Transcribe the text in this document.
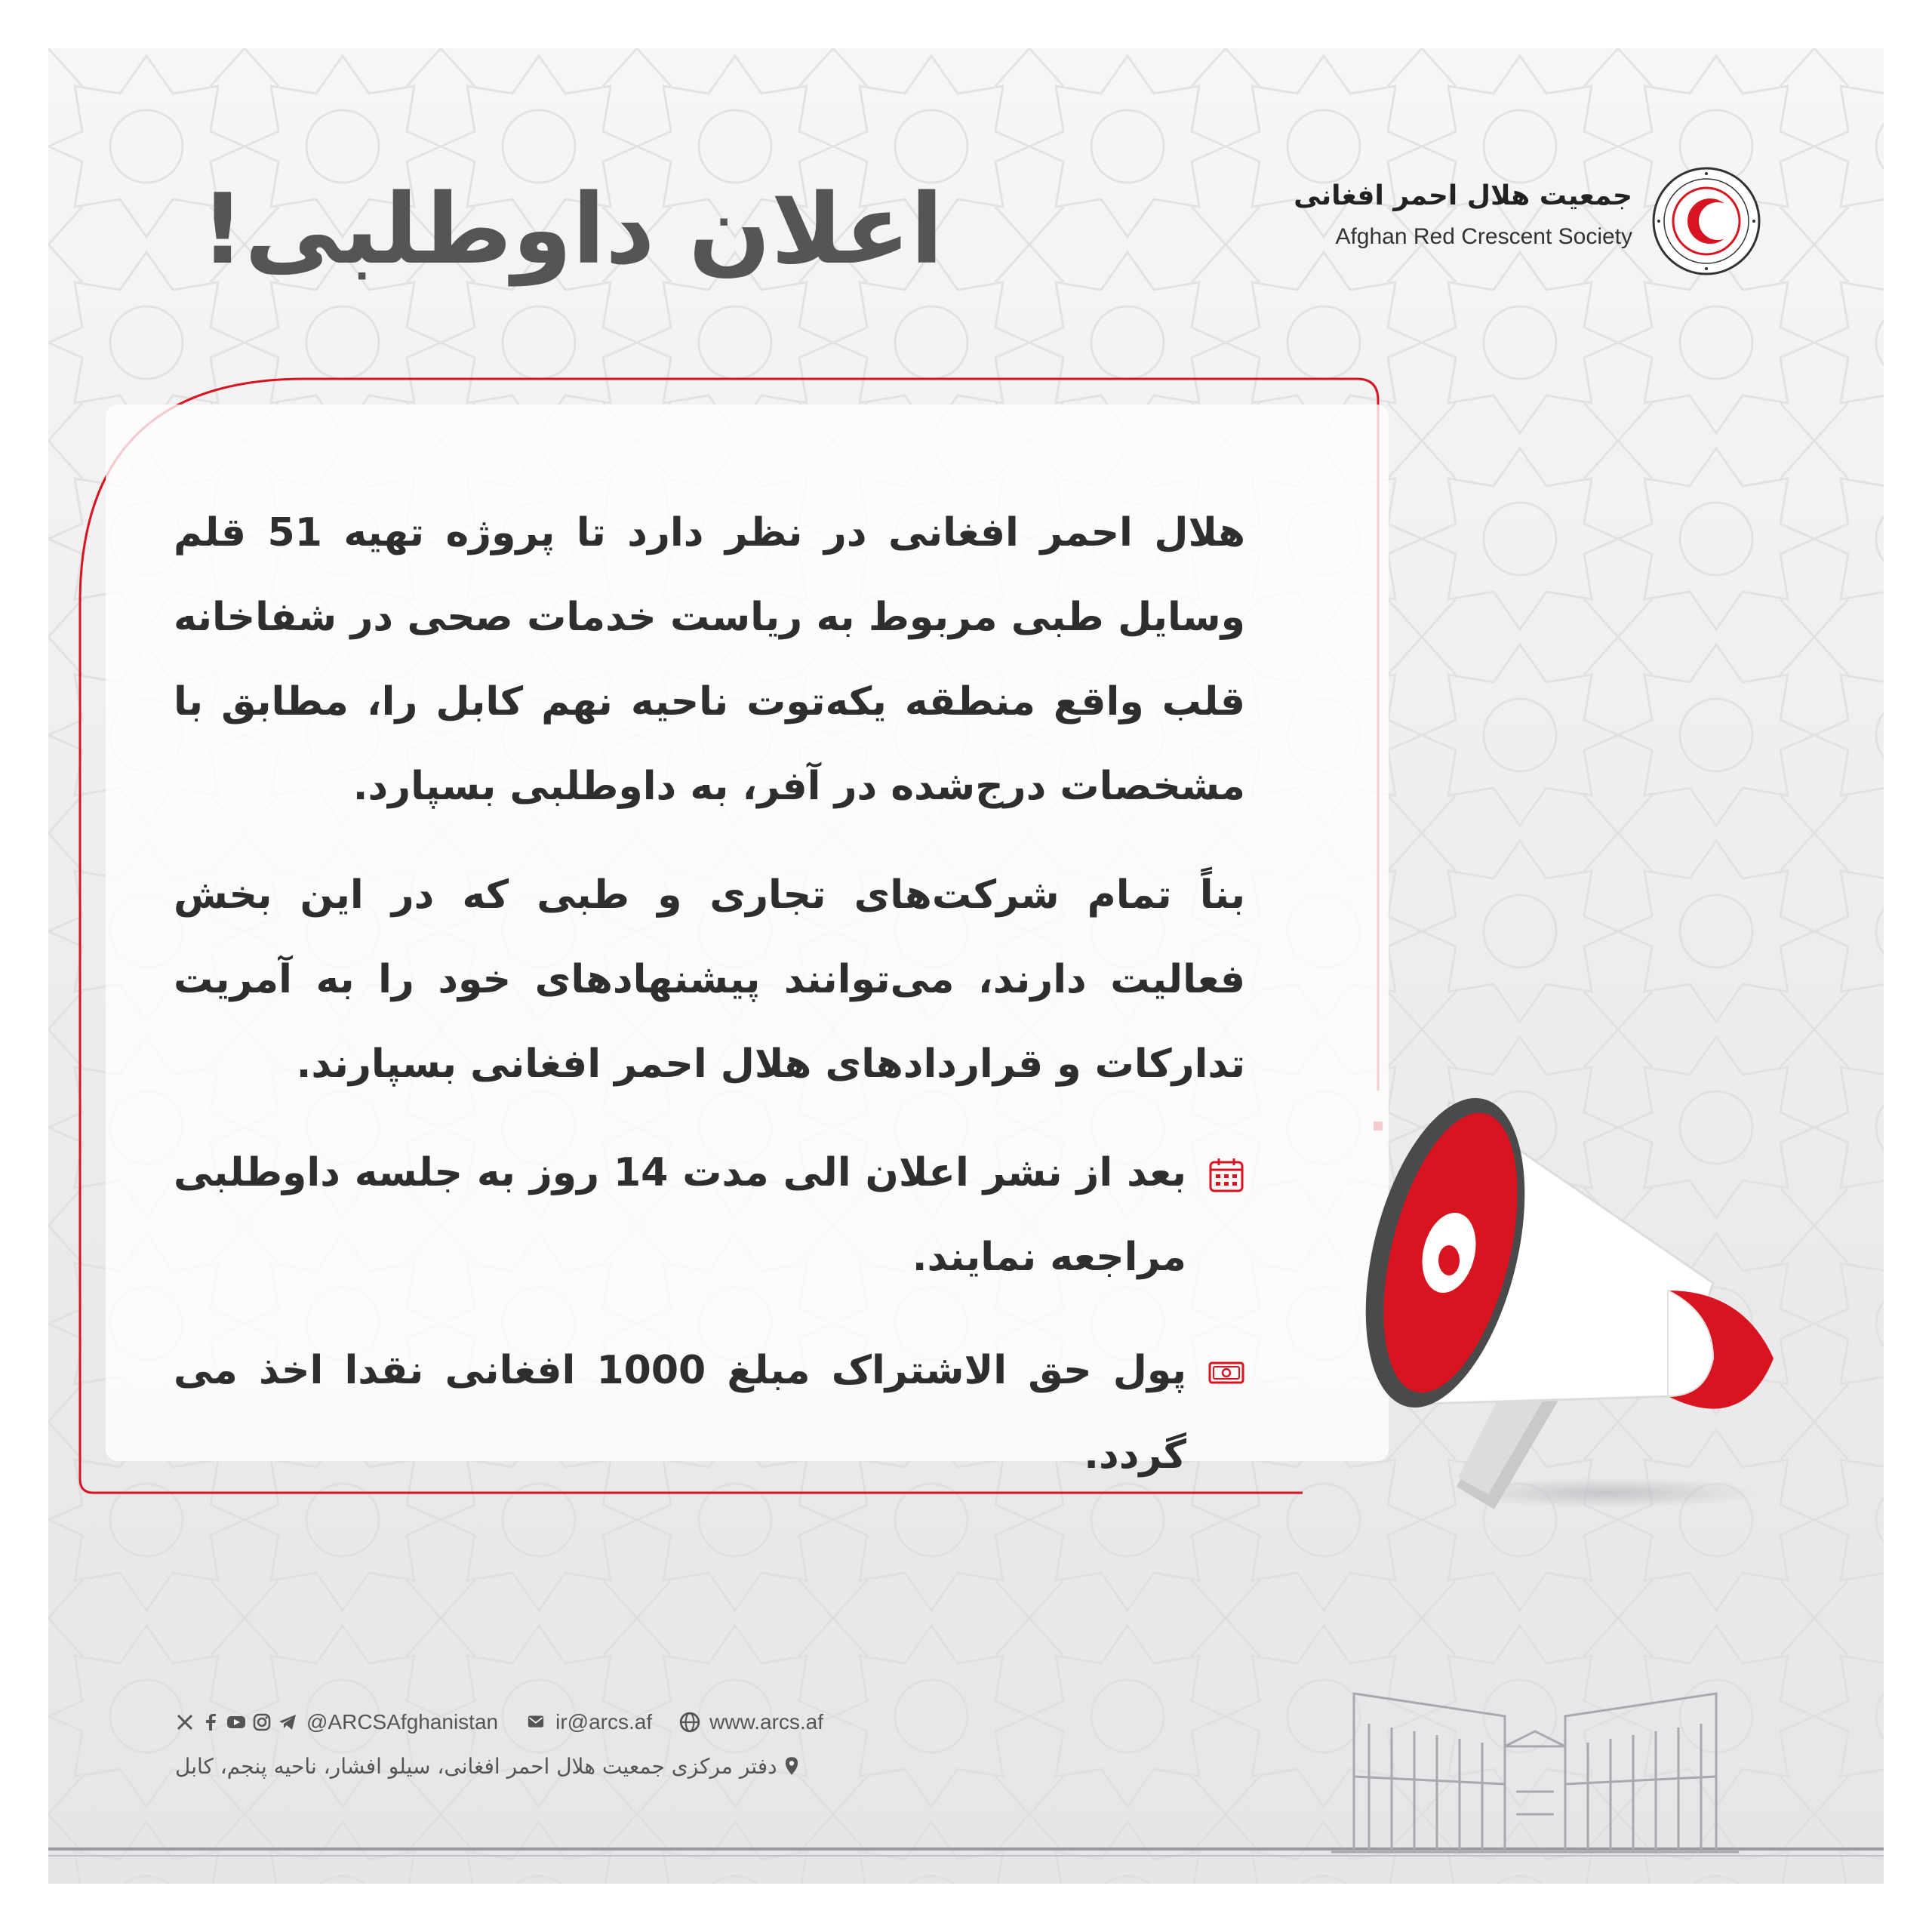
اعلان داوطلبی!	جمعیت هلال احمر افغانی
Afghan Red Crescent Society
هلال احمر افغانی در نظر دارد تا پروژه تهیه 51 قلم وسایل طبی مربوط به ریاست خدمات صحی در شفاخانه قلب واقع منطقه یکه‌توت ناحیه نهم کابل را، مطابق با مشخصات درج‌شده در آفر، به داوطلبی بسپارد.
بناً تمام شرکت‌های تجاری و طبی که در این بخش فعالیت دارند، می‌توانند پیشنهادهای خود را به آمریت تدارکات و قراردادهای هلال احمر افغانی بسپارند.
بعد از نشر اعلان الی مدت 14 روز به جلسه داوطلبی مراجعه نمایند.
پول حق الاشتراک مبلغ 1000 افغانی نقدا اخذ می گردد.
@ARCSAfghanistan	ir@arcs.af	www.arcs.af
دفتر مرکزی جمعیت هلال احمر افغانی، سیلو افشار، ناحیه پنجم، کابل
